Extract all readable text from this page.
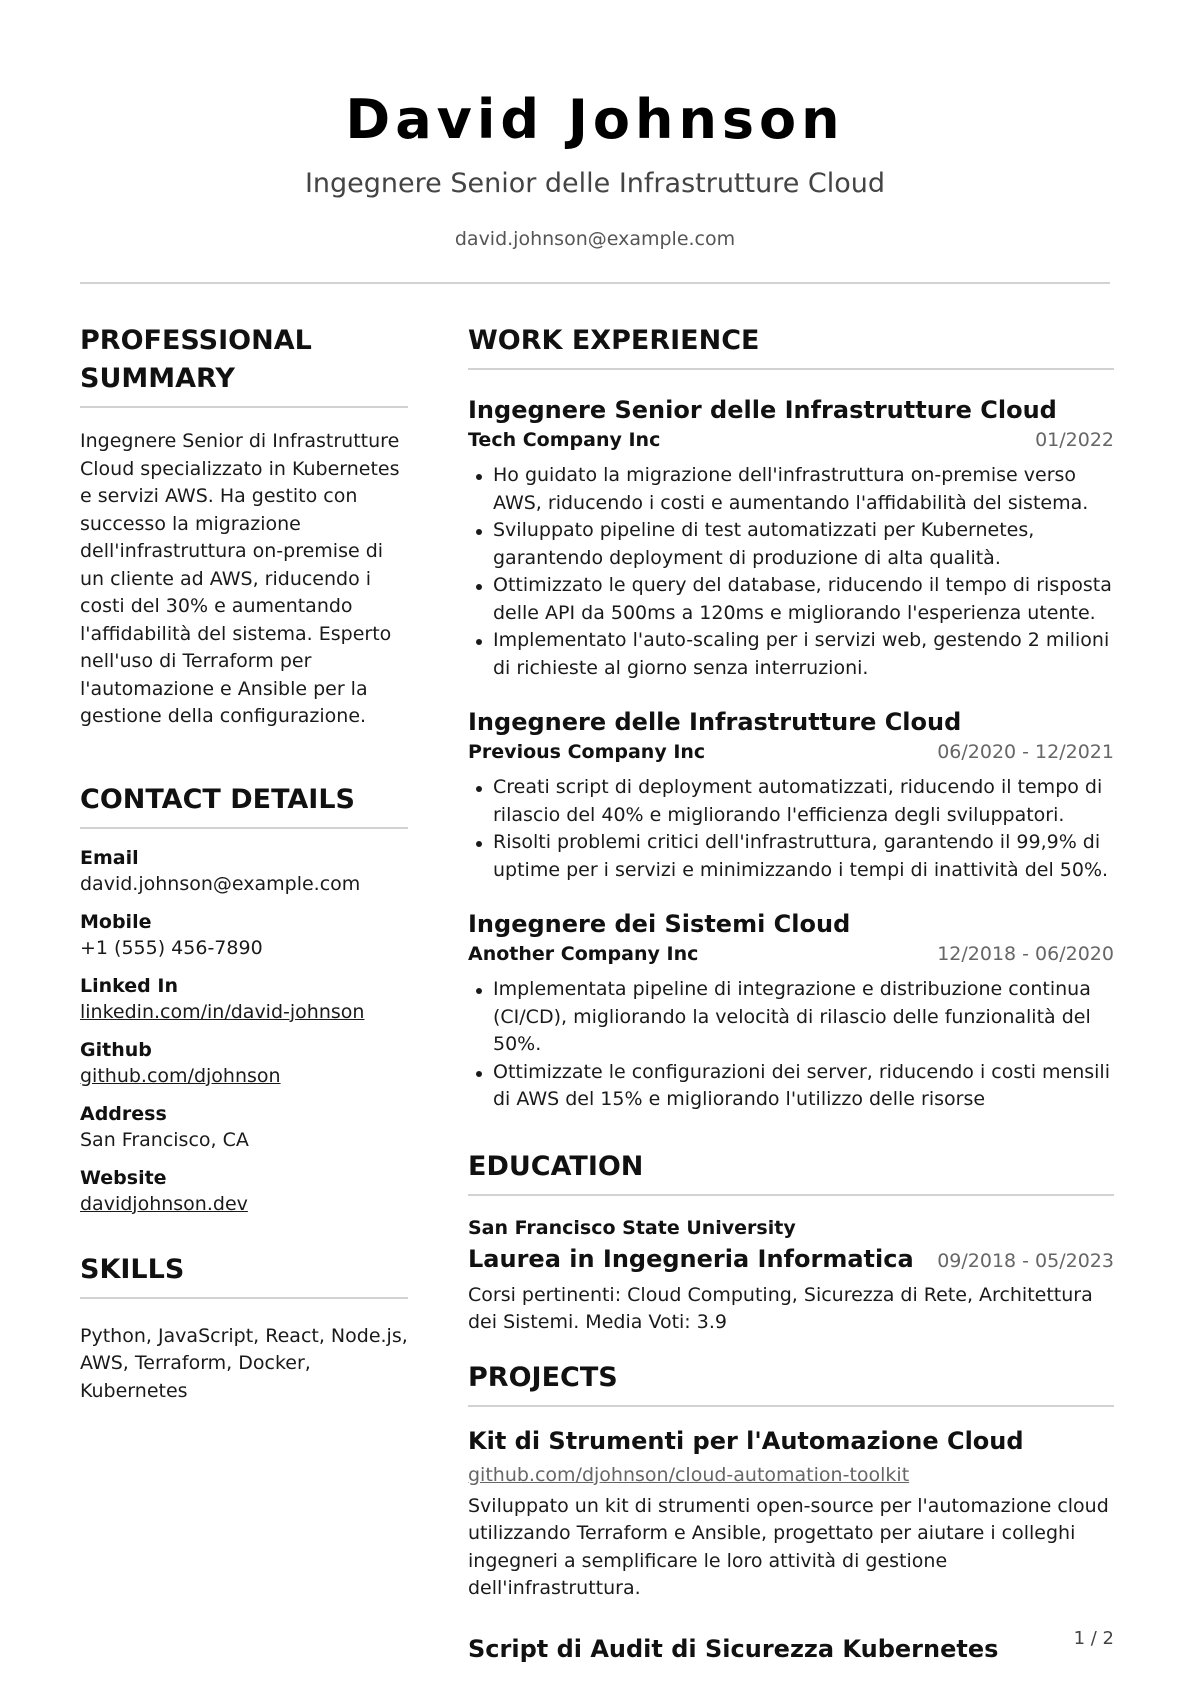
David Johnson
Ingegnere Senior delle Infrastrutture Cloud
david.johnson@example.com
PROFESSIONAL
SUMMARY
Ingegnere Senior di Infrastrutture Cloud specializzato in Kubernetes e servizi AWS. Ha gestito con successo la migrazione dell'infrastruttura on-premise di un cliente ad AWS, riducendo i costi del 30% e aumentando l'affidabilità del sistema. Esperto nell'uso di Terraform per l'automazione e Ansible per la gestione della configurazione.
CONTACT DETAILS
Email
david.johnson@example.com
Mobile
+1 (555) 456-7890
Linked In
linkedin.com/in/david-johnson
Github
github.com/djohnson
Address
San Francisco, CA
Website
davidjohnson.dev
SKILLS
Python, JavaScript, React, Node.js, AWS, Terraform, Docker, Kubernetes
WORK EXPERIENCE
Ingegnere Senior delle Infrastrutture Cloud
Tech Company Inc	01/2022
Ho guidato la migrazione dell'infrastruttura on-premise verso AWS, riducendo i costi e aumentando l'affidabilità del sistema.
Sviluppato pipeline di test automatizzati per Kubernetes, garantendo deployment di produzione di alta qualità.
Ottimizzato le query del database, riducendo il tempo di risposta delle API da 500ms a 120ms e migliorando l'esperienza utente.
Implementato l'auto-scaling per i servizi web, gestendo 2 milioni di richieste al giorno senza interruzioni.
Ingegnere delle Infrastrutture Cloud
Previous Company Inc	06/2020 - 12/2021
Creati script di deployment automatizzati, riducendo il tempo di rilascio del 40% e migliorando l'efficienza degli sviluppatori.
Risolti problemi critici dell'infrastruttura, garantendo il 99,9% di uptime per i servizi e minimizzando i tempi di inattività del 50%.
Ingegnere dei Sistemi Cloud
Another Company Inc	12/2018 - 06/2020
Implementata pipeline di integrazione e distribuzione continua (CI/CD), migliorando la velocità di rilascio delle funzionalità del 50%.
Ottimizzate le configurazioni dei server, riducendo i costi mensili di AWS del 15% e migliorando l'utilizzo delle risorse
EDUCATION
San Francisco State University
Laurea in Ingegneria Informatica 09/2018 - 05/2023
Corsi pertinenti: Cloud Computing, Sicurezza di Rete, Architettura dei Sistemi. Media Voti: 3.9
PROJECTS
Kit di Strumenti per l'Automazione Cloud
github.com/djohnson/cloud-automation-toolkit
Sviluppato un kit di strumenti open-source per l'automazione cloud utilizzando Terraform e Ansible, progettato per aiutare i colleghi ingegneri a semplificare le loro attività di gestione dell'infrastruttura.
Script di Audit di Sicurezza Kubernetes	1 / 2
